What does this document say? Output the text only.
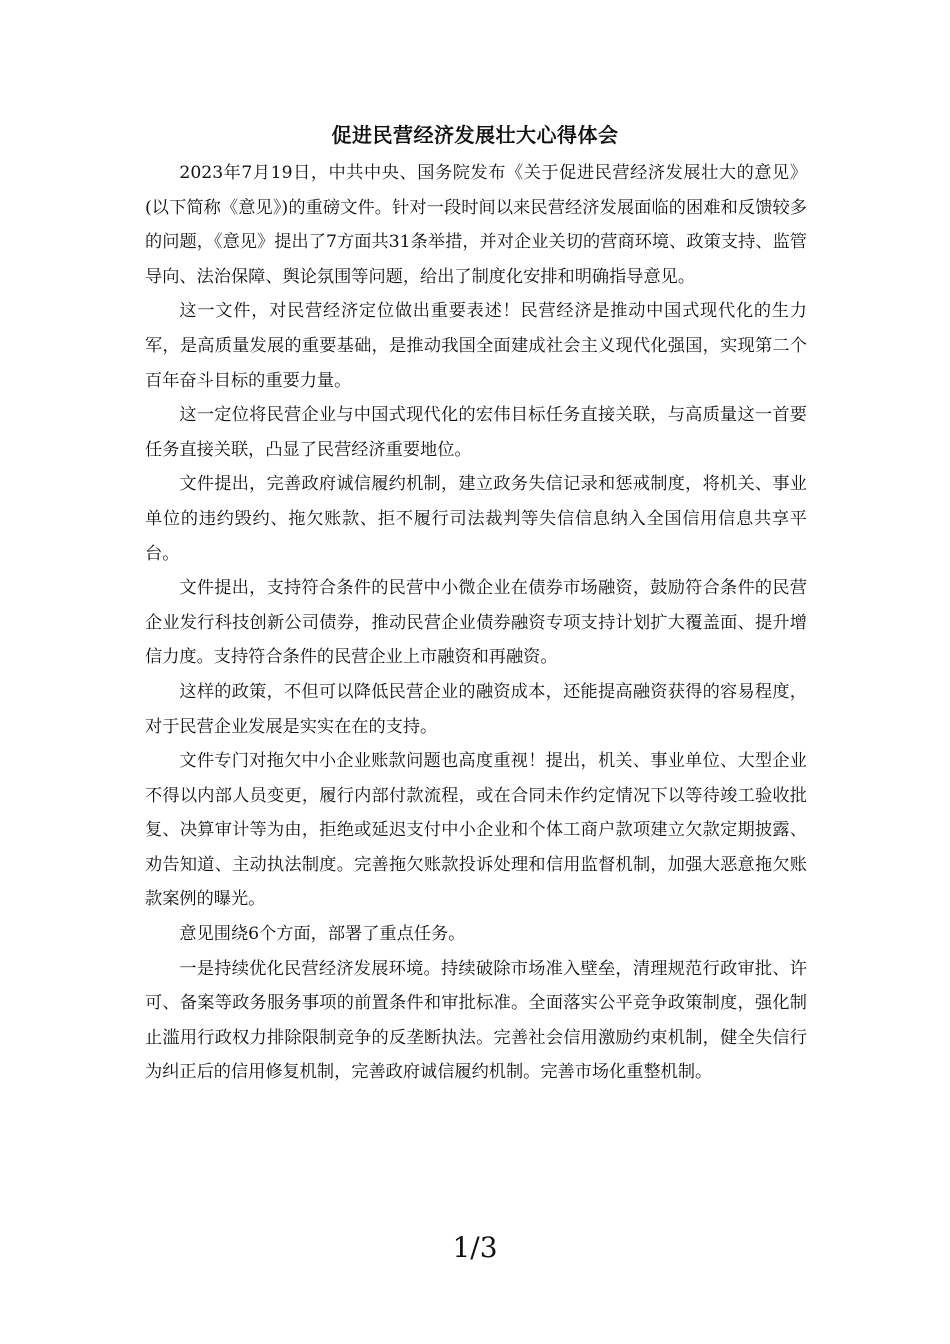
促进民营经济发展壮大心得体会

2023年7月19日，中共中央、国务院发布《关于促进民营经济发展壮大的意见》(以下简称《意见》)的重磅文件。针对一段时间以来民营经济发展面临的困难和反馈较多的问题，《意见》提出了7方面共31条举措，并对企业关切的营商环境、政策支持、监管导向、法治保障、舆论氛围等问题，给出了制度化安排和明确指导意见。

这一文件，对民营经济定位做出重要表述！民营经济是推动中国式现代化的生力军，是高质量发展的重要基础，是推动我国全面建成社会主义现代化强国，实现第二个百年奋斗目标的重要力量。

这一定位将民营企业与中国式现代化的宏伟目标任务直接关联，与高质量这一首要任务直接关联，凸显了民营经济重要地位。

文件提出，完善政府诚信履约机制，建立政务失信记录和惩戒制度，将机关、事业单位的违约毁约、拖欠账款、拒不履行司法裁判等失信信息纳入全国信用信息共享平台。

文件提出，支持符合条件的民营中小微企业在债券市场融资，鼓励符合条件的民营企业发行科技创新公司债券，推动民营企业债券融资专项支持计划扩大覆盖面、提升增信力度。支持符合条件的民营企业上市融资和再融资。

这样的政策，不但可以降低民营企业的融资成本，还能提高融资获得的容易程度，对于民营企业发展是实实在在的支持。

文件专门对拖欠中小企业账款问题也高度重视！提出，机关、事业单位、大型企业不得以内部人员变更，履行内部付款流程，或在合同未作约定情况下以等待竣工验收批复、决算审计等为由，拒绝或延迟支付中小企业和个体工商户款项建立欠款定期披露、劝告知道、主动执法制度。完善拖欠账款投诉处理和信用监督机制，加强大恶意拖欠账款案例的曝光。

意见围绕6个方面，部署了重点任务。

一是持续优化民营经济发展环境。持续破除市场准入壁垒，清理规范行政审批、许可、备案等政务服务事项的前置条件和审批标准。全面落实公平竞争政策制度，强化制止滥用行政权力排除限制竞争的反垄断执法。完善社会信用激励约束机制，健全失信行为纠正后的信用修复机制，完善政府诚信履约机制。完善市场化重整机制。

1/3
